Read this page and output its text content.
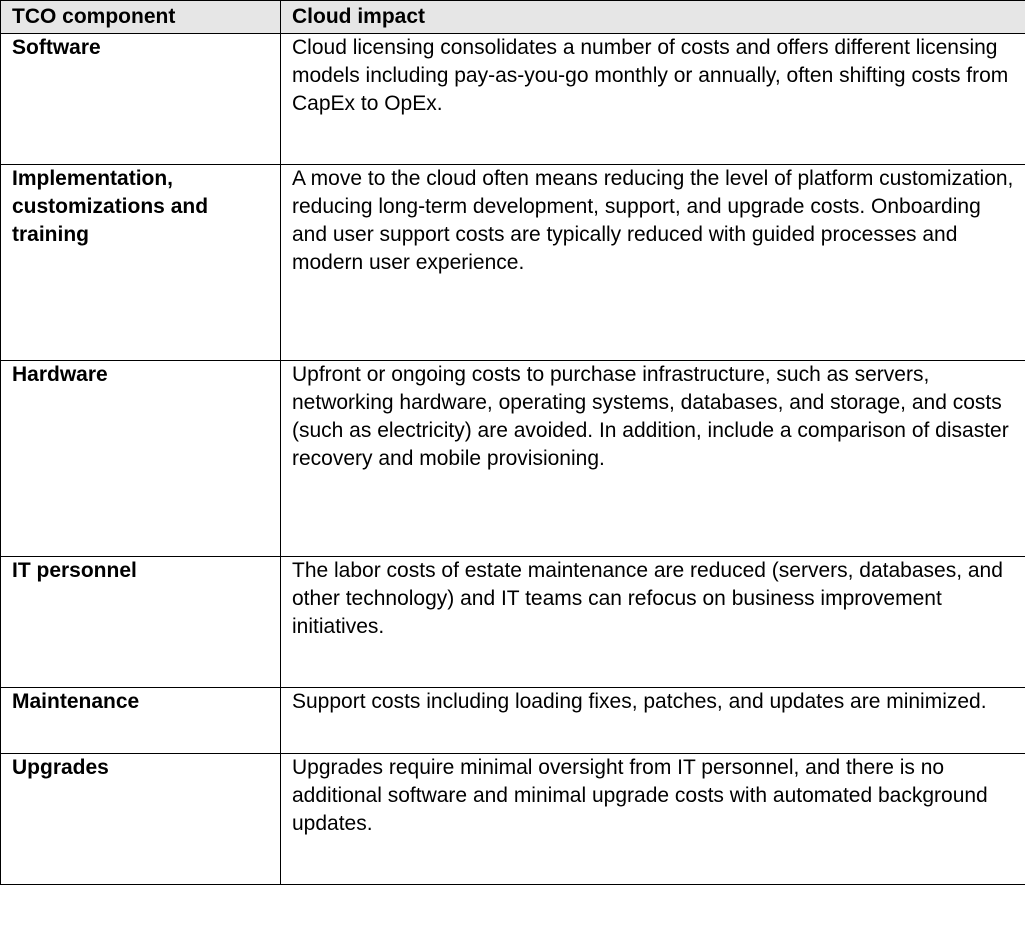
TCO component	Cloud impact
Software	Cloud licensing consolidates a number of costs and offers different licensing models including pay-as-you-go monthly or annually, often shifting costs from CapEx to OpEx.
Implementation, customizations and training	A move to the cloud often means reducing the level of platform customization, reducing long-term development, support, and upgrade costs. Onboarding and user support costs are typically reduced with guided processes and modern user experience.
Hardware	Upfront or ongoing costs to purchase infrastructure, such as servers, networking hardware, operating systems, databases, and storage, and costs (such as electricity) are avoided. In addition, include a comparison of disaster recovery and mobile provisioning.
IT personnel	The labor costs of estate maintenance are reduced (servers, databases, and other technology) and IT teams can refocus on business improvement initiatives.
Maintenance	Support costs including loading fixes, patches, and updates are minimized.
Upgrades	Upgrades require minimal oversight from IT personnel, and there is no additional software and minimal upgrade costs with automated background updates.
